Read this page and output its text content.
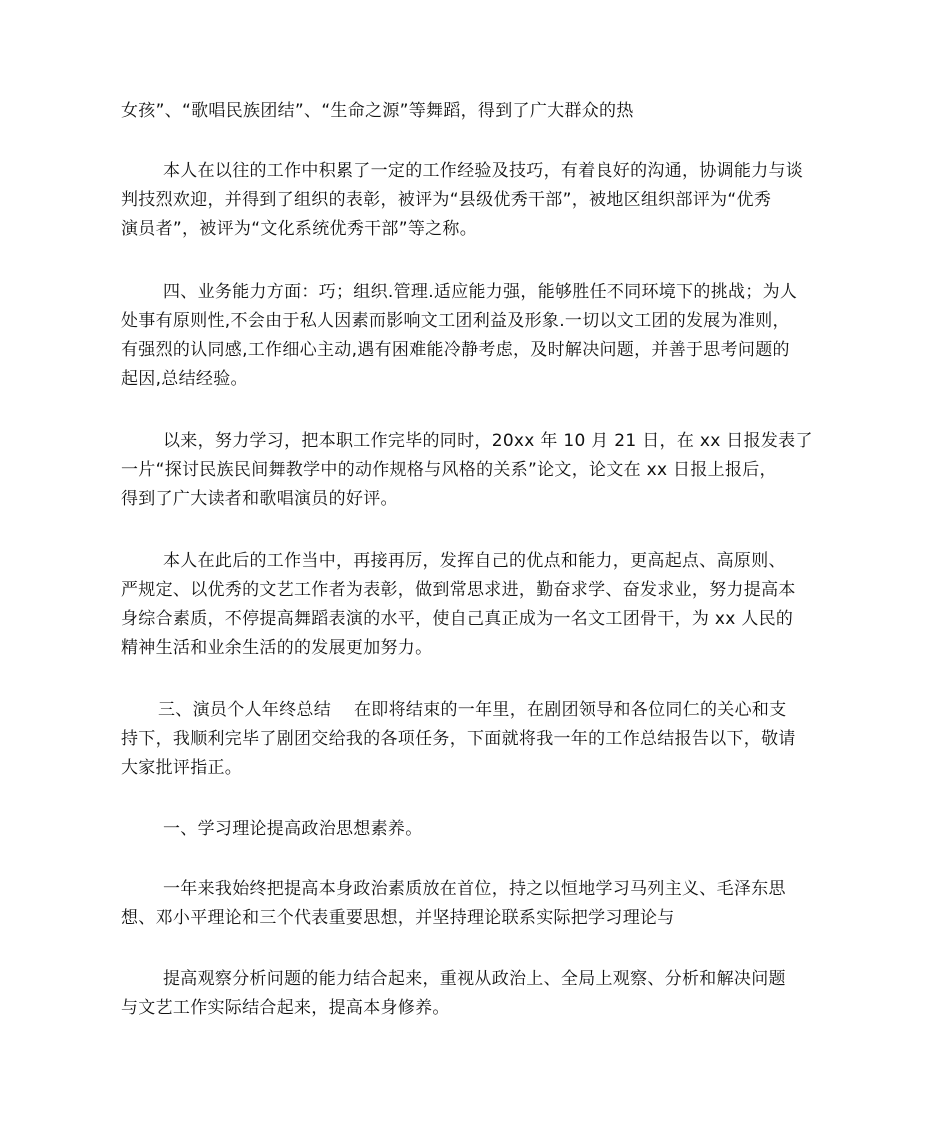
女孩”、“歌唱民族团结”、“生命之源”等舞蹈，得到了广大群众的热
本人在以往的工作中积累了一定的工作经验及技巧，有着良好的沟通，协调能力与谈
判技烈欢迎，并得到了组织的表彰，被评为“县级优秀干部”，被地区组织部评为“优秀
演员者”，被评为“文化系统优秀干部”等之称。
四、业务能力方面：巧；组织.管理.适应能力强，能够胜任不同环境下的挑战；为人
处事有原则性,不会由于私人因素而影响文工团利益及形象.一切以文工团的发展为准则，
有强烈的认同感,工作细心主动,遇有困难能冷静考虑，及时解决问题，并善于思考问题的
起因,总结经验。
以来，努力学习，把本职工作完毕的同时，20xx 年 10 月 21 日，在 xx 日报发表了
一片“探讨民族民间舞教学中的动作规格与风格的关系”论文，论文在 xx 日报上报后，
得到了广大读者和歌唱演员的好评。
本人在此后的工作当中，再接再厉，发挥自己的优点和能力，更高起点、高原则、
严规定、以优秀的文艺工作者为表彰，做到常思求进，勤奋求学、奋发求业，努力提高本
身综合素质，不停提高舞蹈表演的水平，使自己真正成为一名文工团骨干，为 xx 人民的
精神生活和业余生活的的发展更加努力。
三、演员个人年终总结　 在即将结束的一年里，在剧团领导和各位同仁的关心和支
持下，我顺利完毕了剧团交给我的各项任务，下面就将我一年的工作总结报告以下，敬请
大家批评指正。
一、学习理论提高政治思想素养。
一年来我始终把提高本身政治素质放在首位，持之以恒地学习马列主义、毛泽东思
想、邓小平理论和三个代表重要思想，并坚持理论联系实际把学习理论与
提高观察分析问题的能力结合起来，重视从政治上、全局上观察、分析和解决问题
与文艺工作实际结合起来，提高本身修养。
